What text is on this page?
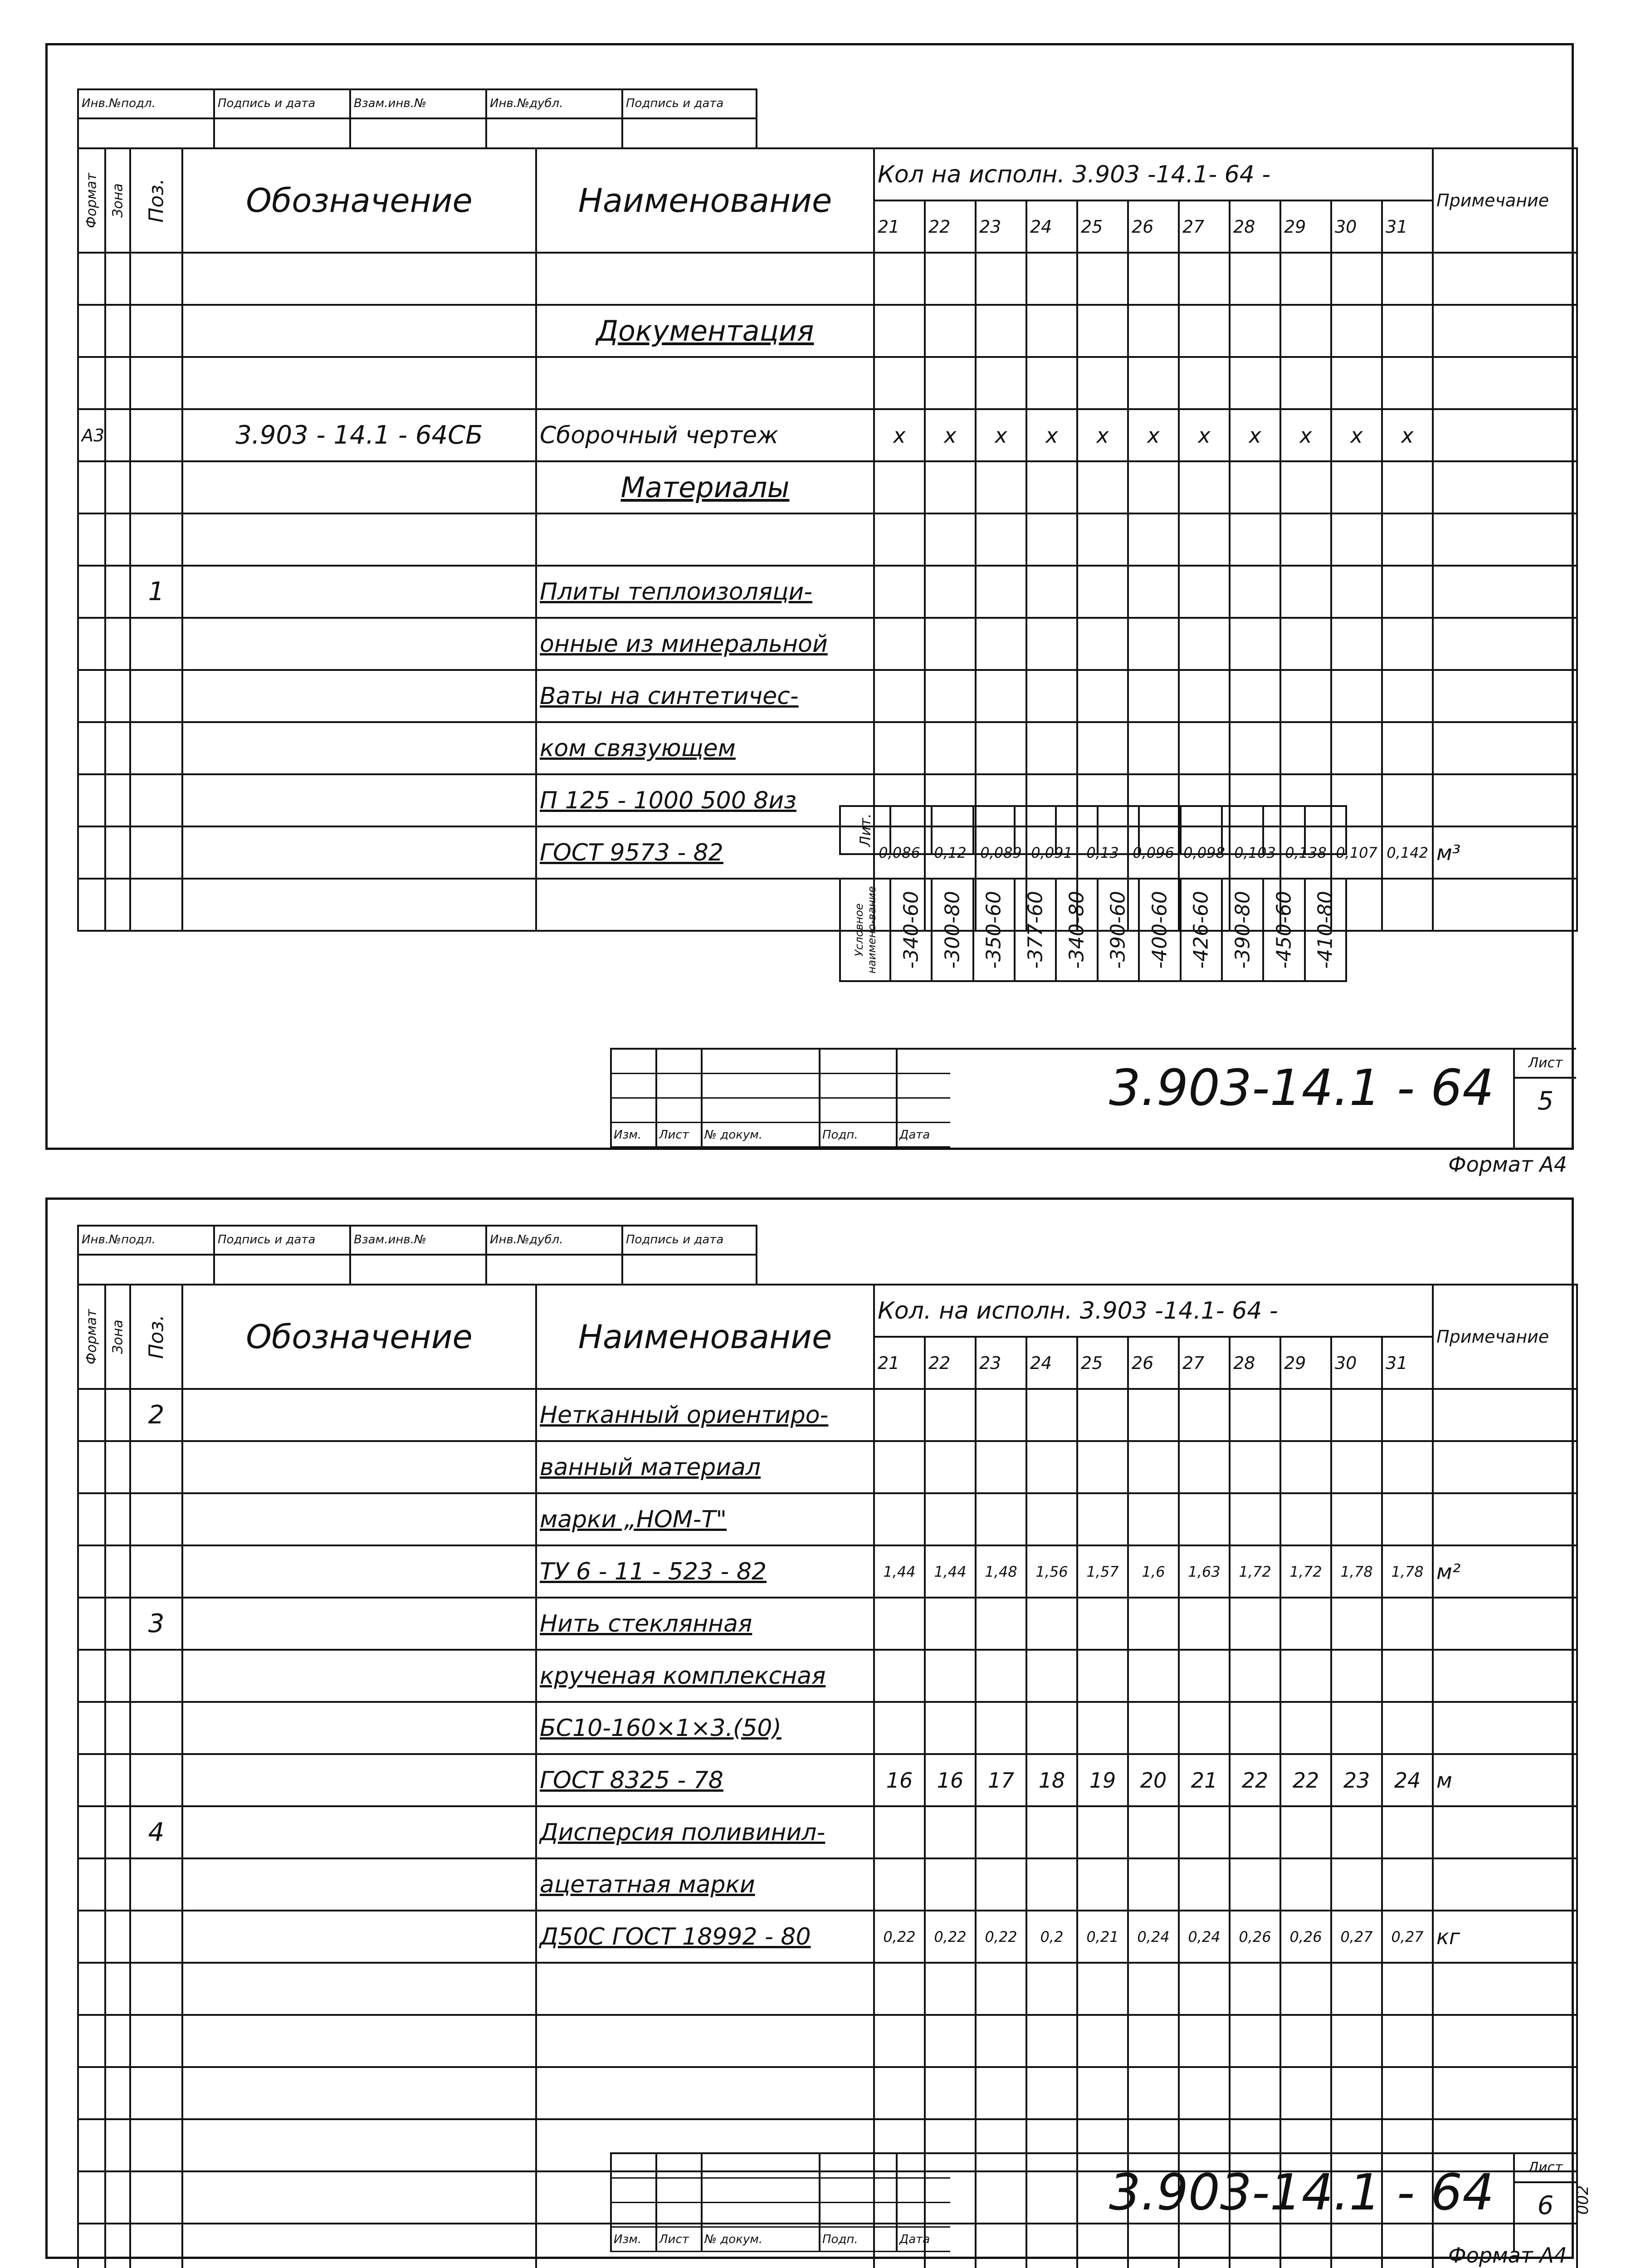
Инв.№подл.	Подпись и дата	Взам.инв.№	Инв.№дубл.	Подпись и дата
Формат	Зона	Поз.	Обозначение	Наименование	Кол на исполн. 3.903 -14.1- 64 -											Примечание
					21	22	23	24	25	26	27	28	29	30	31	

				Документация												

А3			3.903 - 14.1 - 64СБ	Сборочный чертеж	x	x	x	x	x	x	x	x	x	x	x	
				Материалы												

		1		Плиты теплоизоляци-												
				онные из минеральной												
				Ваты на синтетичес-												
				ком связующем												
				П 125 - 1000 500 8из												
				ГОСТ 9573 - 82	0,086	0,12	0,089	0,091	0,13	0,096	0,098	0,103	0,138	0,107	0,142	м³

Лит.
Условное наимено-вание -340-60 -300-80 -350-60 -377-60 -340-80 -390-60 -400-60 -426-60 -390-80 -450-60 -410-80
Изм.	Лист	№ докум.	Подп.	Дата
3.903-14.1 - 64	Лист
5
Формат А4
Инв.№подл.	Подпись и дата	Взам.инв.№	Инв.№дубл.	Подпись и дата
Формат	Зона	Поз.	Обозначение	Наименование	Кол. на исполн. 3.903 -14.1- 64 -											Примечание
					21	22	23	24	25	26	27	28	29	30	31	
		2		Нетканный ориентиро-												
				ванный материал												
				марки „НОМ-Т"												
				ТУ 6 - 11 - 523 - 82	1,44	1,44	1,48	1,56	1,57	1,6	1,63	1,72	1,72	1,78	1,78	м²
		3		Нить стеклянная												
				крученая комплексная												
				БС10-160×1×3.(50)												
				ГОСТ 8325 - 78	16	16	17	18	19	20	21	22	22	23	24	м
		4		Дисперсия поливинил-												
				ацетатная марки												
				Д50С ГОСТ 18992 - 80	0,22	0,22	0,22	0,2	0,21	0,24	0,24	0,26	0,26	0,27	0,27	кг

Изм.	Лист	№ докум.	Подп.	Дата
3.903-14.1 - 64	Лист
6
Формат А4
002
